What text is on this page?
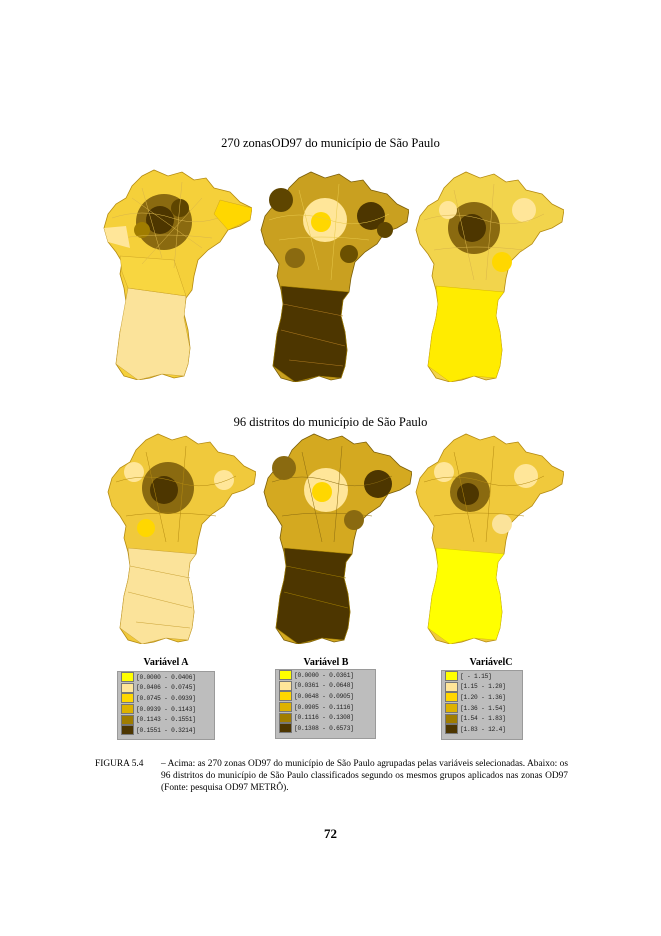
270 zonasOD97 do município de São Paulo
96 distritos do município de São Paulo
Variável A
[0.0000 - 0.0406]
[0.0406 - 0.0745]
[0.0745 - 0.0939]
[0.0939 - 0.1143]
[0.1143 - 0.1551]
[0.1551 - 0.3214]
Variável B
[0.0000 - 0.0361]
[0.0361 - 0.0648]
[0.0648 - 0.0905]
[0.0905 - 0.1116]
[0.1116 - 0.1308]
[0.1308 - 0.6573]
VariávelC
[ - 1.15]
[1.15 - 1.20]
[1.20 - 1.36]
[1.36 - 1.54]
[1.54 - 1.83]
[1.83 - 12.4]
FIGURA 5.4	– Acima: as 270 zonas OD97 do município de São Paulo agrupadas pelas variáveis selecionadas. Abaixo: os 96 distritos do município de São Paulo classificados segundo os mesmos grupos aplicados nas zonas OD97 (Fonte: pesquisa OD97 METRÔ).
72
